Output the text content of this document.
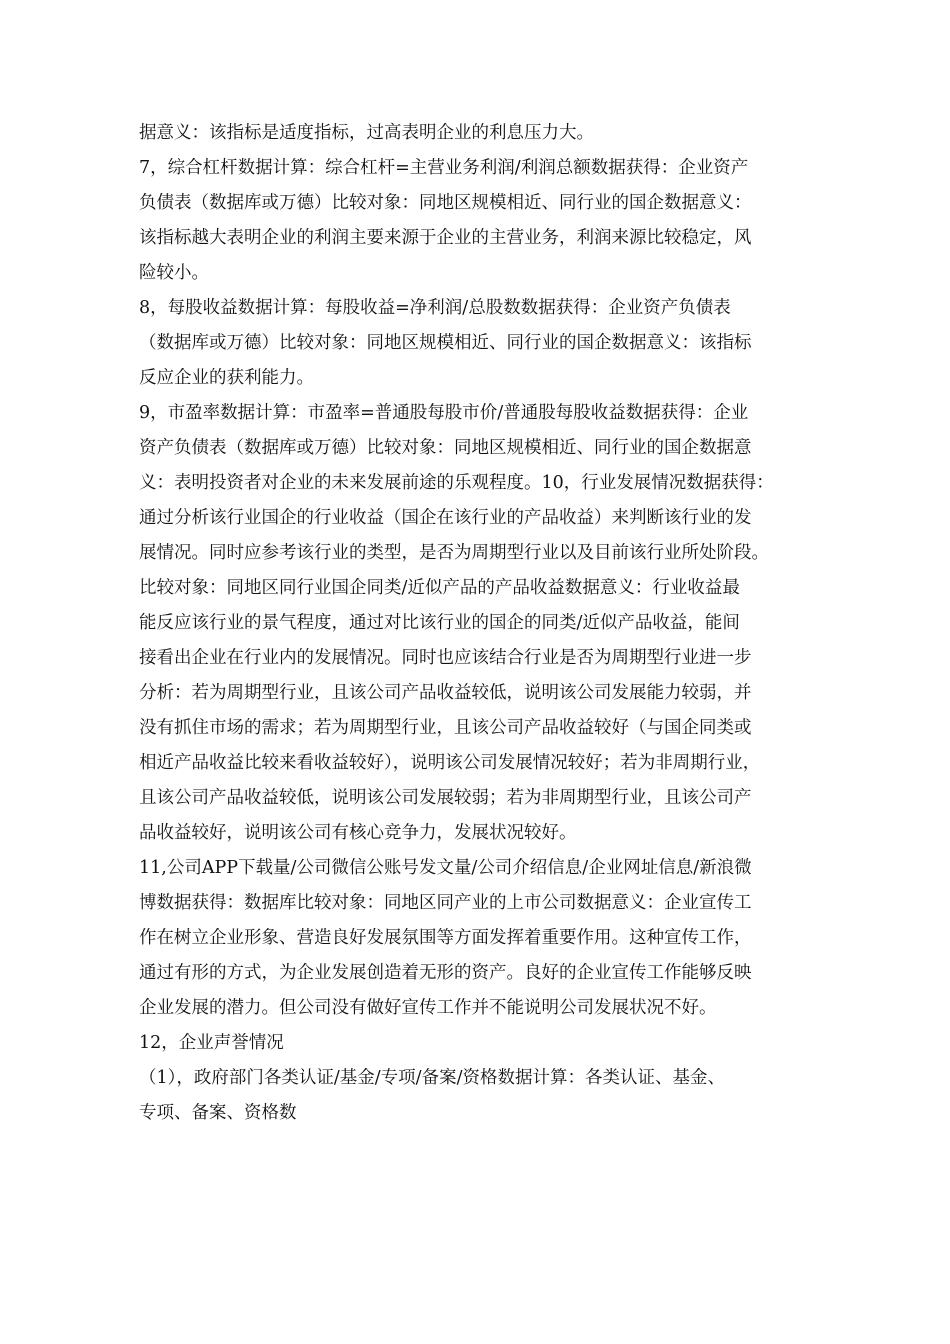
据意义：该指标是适度指标，过高表明企业的利息压力大。
7，综合杠杆数据计算：综合杠杆=主营业务利润/利润总额数据获得：企业资产
负债表（数据库或万德）比较对象：同地区规模相近、同行业的国企数据意义：
该指标越大表明企业的利润主要来源于企业的主营业务，利润来源比较稳定，风
险较小。
8，每股收益数据计算：每股收益=净利润/总股数数据获得：企业资产负债表
（数据库或万德）比较对象：同地区规模相近、同行业的国企数据意义：该指标
反应企业的获利能力。
9，市盈率数据计算：市盈率=普通股每股市价/普通股每股收益数据获得：企业
资产负债表（数据库或万德）比较对象：同地区规模相近、同行业的国企数据意
义：表明投资者对企业的未来发展前途的乐观程度。10，行业发展情况数据获得：
通过分析该行业国企的行业收益（国企在该行业的产品收益）来判断该行业的发
展情况。同时应参考该行业的类型，是否为周期型行业以及目前该行业所处阶段。
比较对象：同地区同行业国企同类/近似产品的产品收益数据意义：行业收益最
能反应该行业的景气程度，通过对比该行业的国企的同类/近似产品收益，能间
接看出企业在行业内的发展情况。同时也应该结合行业是否为周期型行业进一步
分析：若为周期型行业，且该公司产品收益较低，说明该公司发展能力较弱，并
没有抓住市场的需求；若为周期型行业，且该公司产品收益较好（与国企同类或
相近产品收益比较来看收益较好），说明该公司发展情况较好；若为非周期行业，
且该公司产品收益较低，说明该公司发展较弱；若为非周期型行业，且该公司产
品收益较好，说明该公司有核心竞争力，发展状况较好。
11,公司APP下载量/公司微信公账号发文量/公司介绍信息/企业网址信息/新浪微
博数据获得：数据库比较对象：同地区同产业的上市公司数据意义：企业宣传工
作在树立企业形象、营造良好发展氛围等方面发挥着重要作用。这种宣传工作，
通过有形的方式，为企业发展创造着无形的资产。良好的企业宣传工作能够反映
企业发展的潜力。但公司没有做好宣传工作并不能说明公司发展状况不好。
12，企业声誉情况
（1），政府部门各类认证/基金/专项/备案/资格数据计算：各类认证、基金、
专项、备案、资格数
